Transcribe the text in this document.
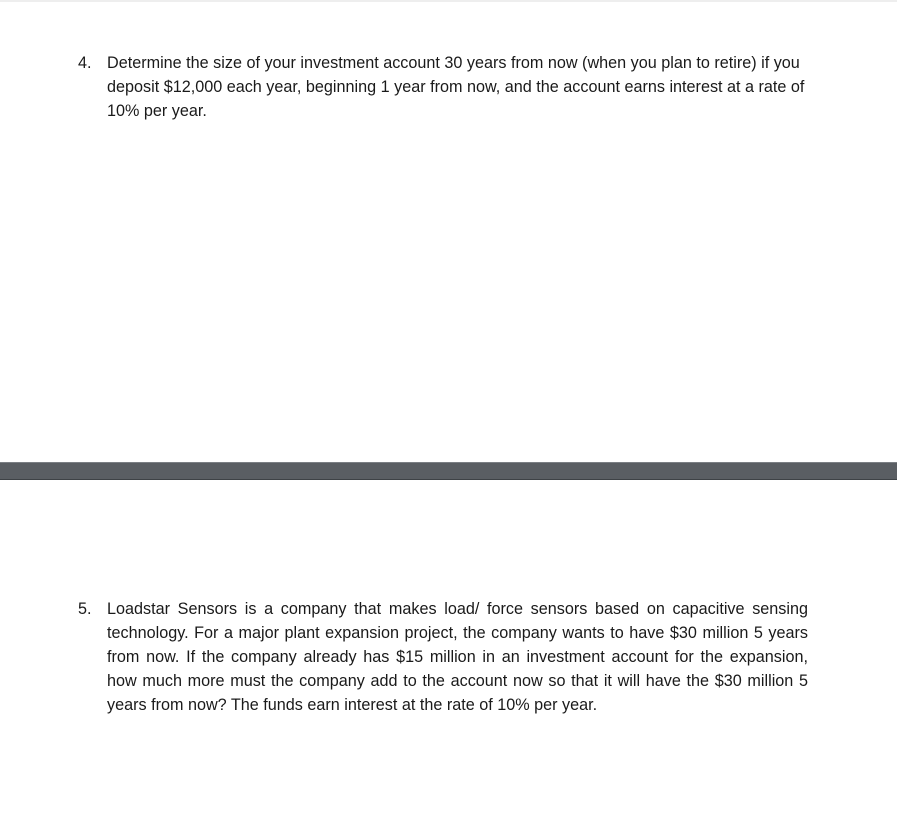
4. Determine the size of your investment account 30 years from now (when you plan to retire) if you deposit $12,000 each year, beginning 1 year from now, and the account earns interest at a rate of 10% per year.
5. Loadstar Sensors is a company that makes load/ force sensors based on capacitive sensing technology. For a major plant expansion project, the company wants to have $30 million 5 years from now. If the company already has $15 million in an investment account for the expansion, how much more must the company add to the account now so that it will have the $30 million 5 years from now? The funds earn interest at the rate of 10% per year.
